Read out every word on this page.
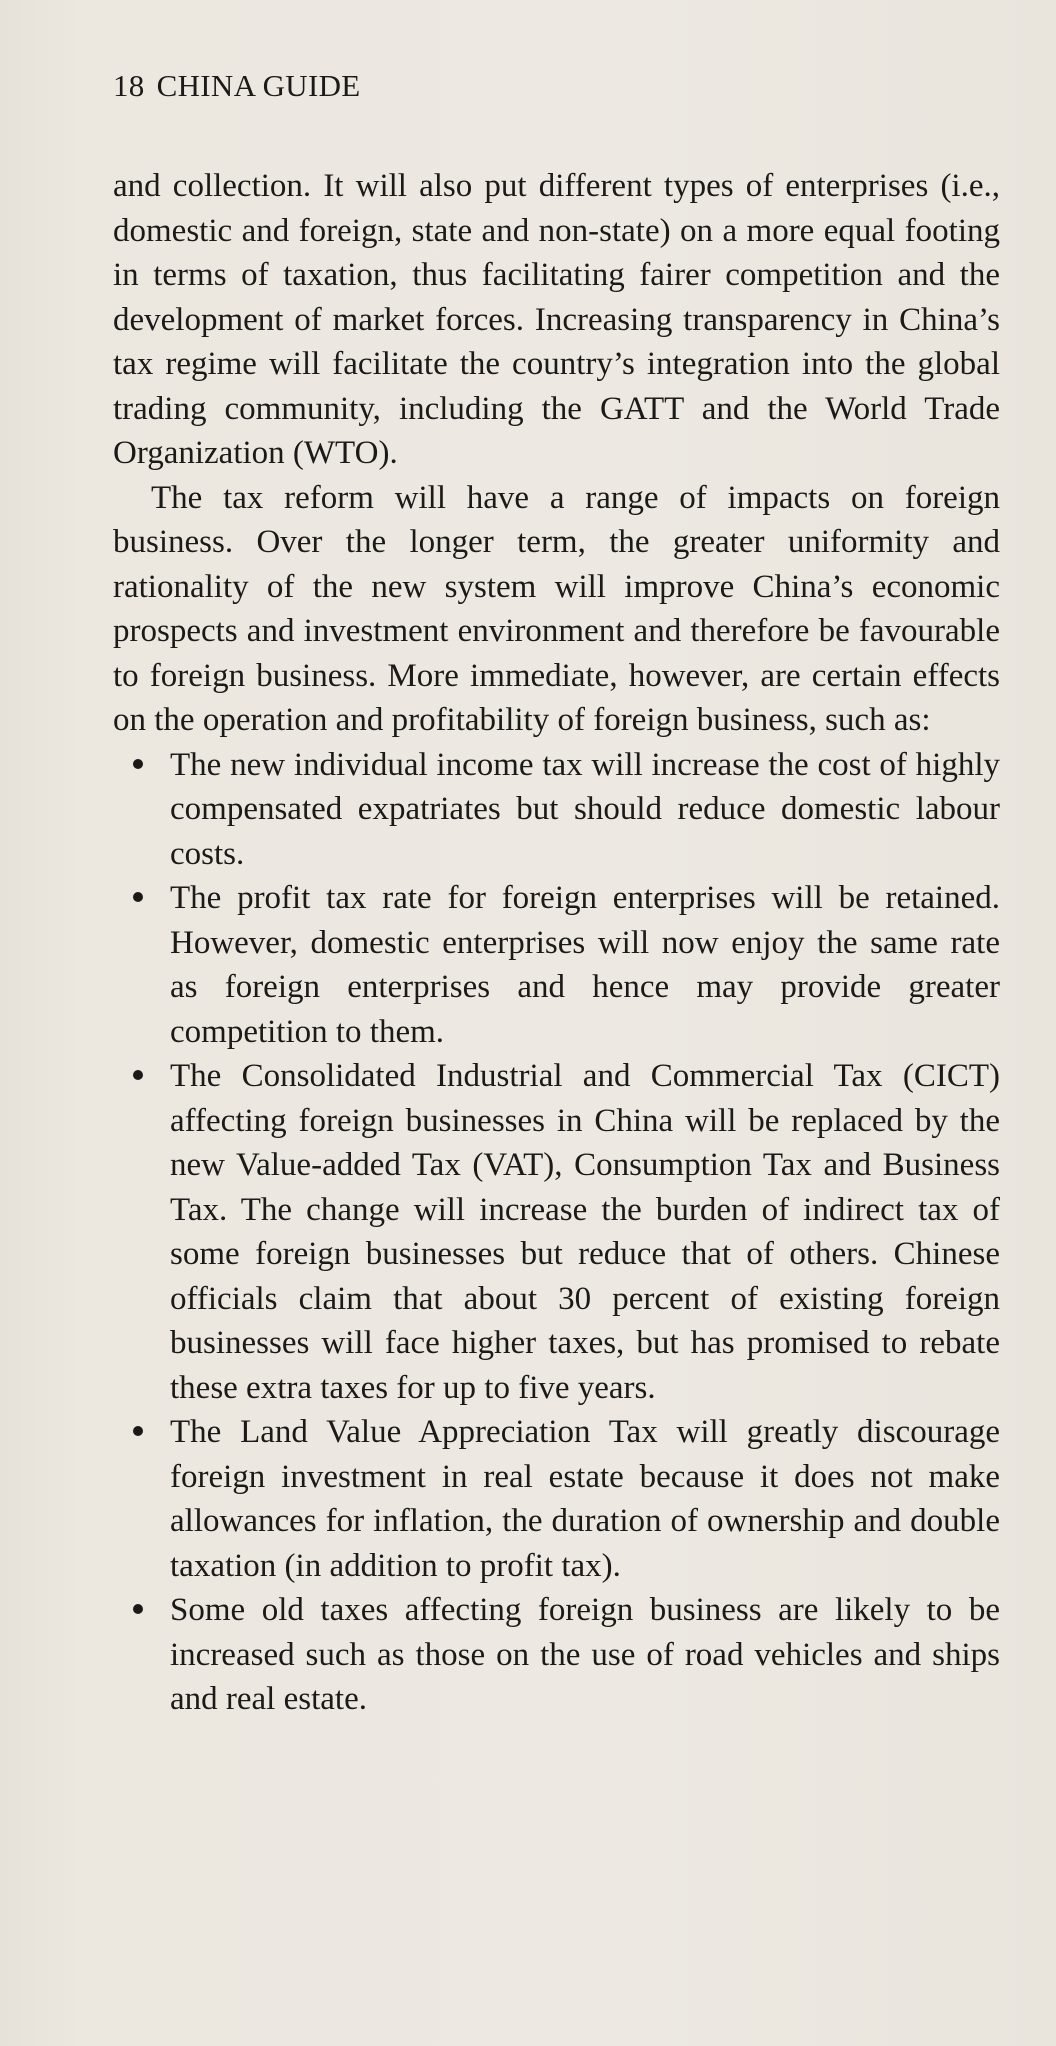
18 CHINA GUIDE

and collection. It will also put different types of enterprises (i.e., domestic and foreign, state and non-state) on a more equal footing in terms of taxation, thus facilitating fairer competition and the development of market forces. Increasing transparency in China’s tax regime will facilitate the country’s integration into the global trading community, including the GATT and the World Trade Organization (WTO).

The tax reform will have a range of impacts on foreign business. Over the longer term, the greater uniformity and rationality of the new system will improve China’s economic prospects and investment environment and therefore be favourable to foreign business. More immediate, however, are certain effects on the operation and profitability of foreign business, such as:

The new individual income tax will increase the cost of highly compensated expatriates but should reduce domestic labour costs.
The profit tax rate for foreign enterprises will be retained. However, domestic enterprises will now enjoy the same rate as foreign enterprises and hence may provide greater competition to them.
The Consolidated Industrial and Commercial Tax (CICT) affecting foreign businesses in China will be replaced by the new Value-added Tax (VAT), Consumption Tax and Business Tax. The change will increase the burden of indirect tax of some foreign businesses but reduce that of others. Chinese officials claim that about 30 percent of existing foreign businesses will face higher taxes, but has promised to rebate these extra taxes for up to five years.
The Land Value Appreciation Tax will greatly discourage foreign investment in real estate because it does not make allowances for inflation, the duration of ownership and double taxation (in addition to profit tax).
Some old taxes affecting foreign business are likely to be increased such as those on the use of road vehicles and ships and real estate.
